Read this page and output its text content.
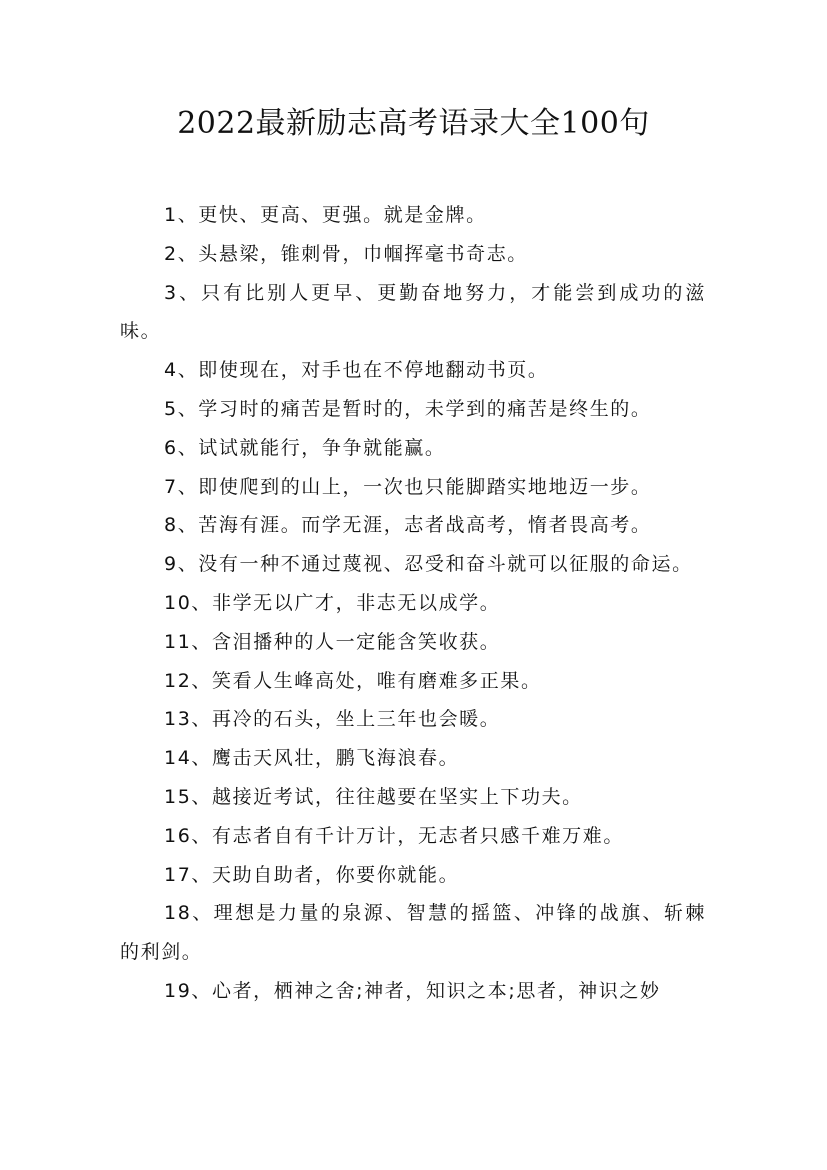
2022最新励志高考语录大全100句

1、更快、更高、更强。就是金牌。

2、头悬梁，锥刺骨，巾帼挥毫书奇志。

3、只有比别人更早、更勤奋地努力，才能尝到成功的滋味。

4、即使现在，对手也在不停地翻动书页。

5、学习时的痛苦是暂时的，未学到的痛苦是终生的。

6、试试就能行，争争就能赢。

7、即使爬到的山上，一次也只能脚踏实地地迈一步。

8、苦海有涯。而学无涯，志者战高考，惰者畏高考。

9、没有一种不通过蔑视、忍受和奋斗就可以征服的命运。

10、非学无以广才，非志无以成学。

11、含泪播种的人一定能含笑收获。

12、笑看人生峰高处，唯有磨难多正果。

13、再冷的石头，坐上三年也会暖。

14、鹰击天风壮，鹏飞海浪春。

15、越接近考试，往往越要在坚实上下功夫。

16、有志者自有千计万计，无志者只感千难万难。

17、天助自助者，你要你就能。

18、理想是力量的泉源、智慧的摇篮、冲锋的战旗、斩棘的利剑。

19、心者，栖神之舍;神者，知识之本;思者，神识之妙
